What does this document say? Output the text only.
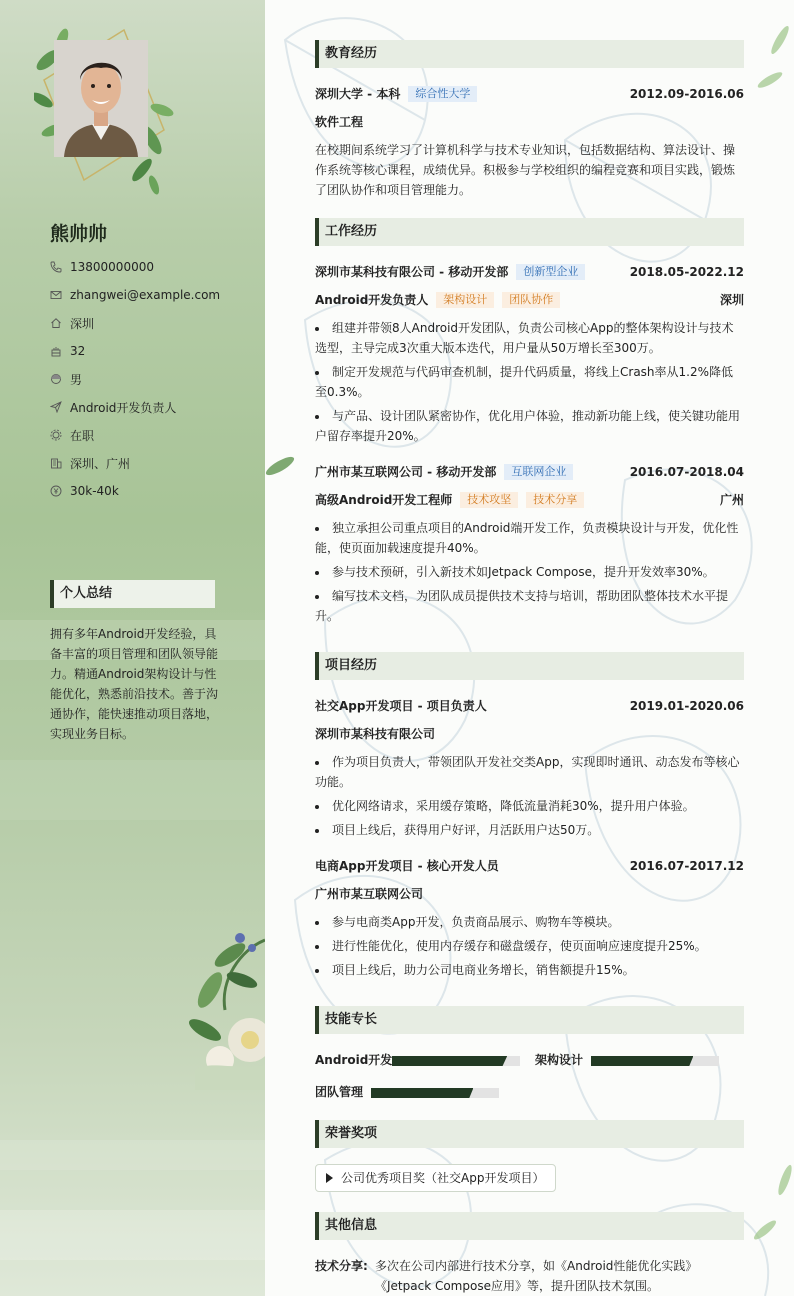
熊帅帅
13800000000
zhangwei@example.com
深圳
32
男
Android开发负责人
在职
深圳、广州
30k-40k
个人总结
拥有多年Android开发经验，具备丰富的项目管理和团队领导能力。精通Android架构设计与性能优化，熟悉前沿技术。善于沟通协作，能快速推动项目落地，实现业务目标。
教育经历
深圳大学 - 本科 综合性大学	2012.09-2016.06
软件工程
在校期间系统学习了计算机科学与技术专业知识，包括数据结构、算法设计、操作系统等核心课程，成绩优异。积极参与学校组织的编程竞赛和项目实践，锻炼了团队协作和项目管理能力。
工作经历
深圳市某科技有限公司 - 移动开发部 创新型企业	2018.05-2022.12
Android开发负责人 架构设计 团队协作	深圳
组建并带领8人Android开发团队，负责公司核心App的整体架构设计与技术选型，主导完成3次重大版本迭代，用户量从50万增长至300万。
制定开发规范与代码审查机制，提升代码质量，将线上Crash率从1.2%降低至0.3%。
与产品、设计团队紧密协作，优化用户体验，推动新功能上线，使关键功能用户留存率提升20%。
广州市某互联网公司 - 移动开发部 互联网企业	2016.07-2018.04
高级Android开发工程师 技术攻坚 技术分享	广州
独立承担公司重点项目的Android端开发工作，负责模块设计与开发，优化性能，使页面加载速度提升40%。
参与技术预研，引入新技术如Jetpack Compose，提升开发效率30%。
编写技术文档，为团队成员提供技术支持与培训，帮助团队整体技术水平提升。
项目经历
社交App开发项目 - 项目负责人	2019.01-2020.06
深圳市某科技有限公司
作为项目负责人，带领团队开发社交类App，实现即时通讯、动态发布等核心功能。
优化网络请求，采用缓存策略，降低流量消耗30%，提升用户体验。
项目上线后，获得用户好评，月活跃用户达50万。
电商App开发项目 - 核心开发人员	2016.07-2017.12
广州市某互联网公司
参与电商类App开发，负责商品展示、购物车等模块。
进行性能优化，使用内存缓存和磁盘缓存，使页面响应速度提升25%。
项目上线后，助力公司电商业务增长，销售额提升15%。
技能专长
Android开发	架构设计
团队管理
荣誉奖项
公司优秀项目奖（社交App开发项目）
其他信息
技术分享: 多次在公司内部进行技术分享，如《Android性能优化实践》《Jetpack Compose应用》等，提升团队技术氛围。
